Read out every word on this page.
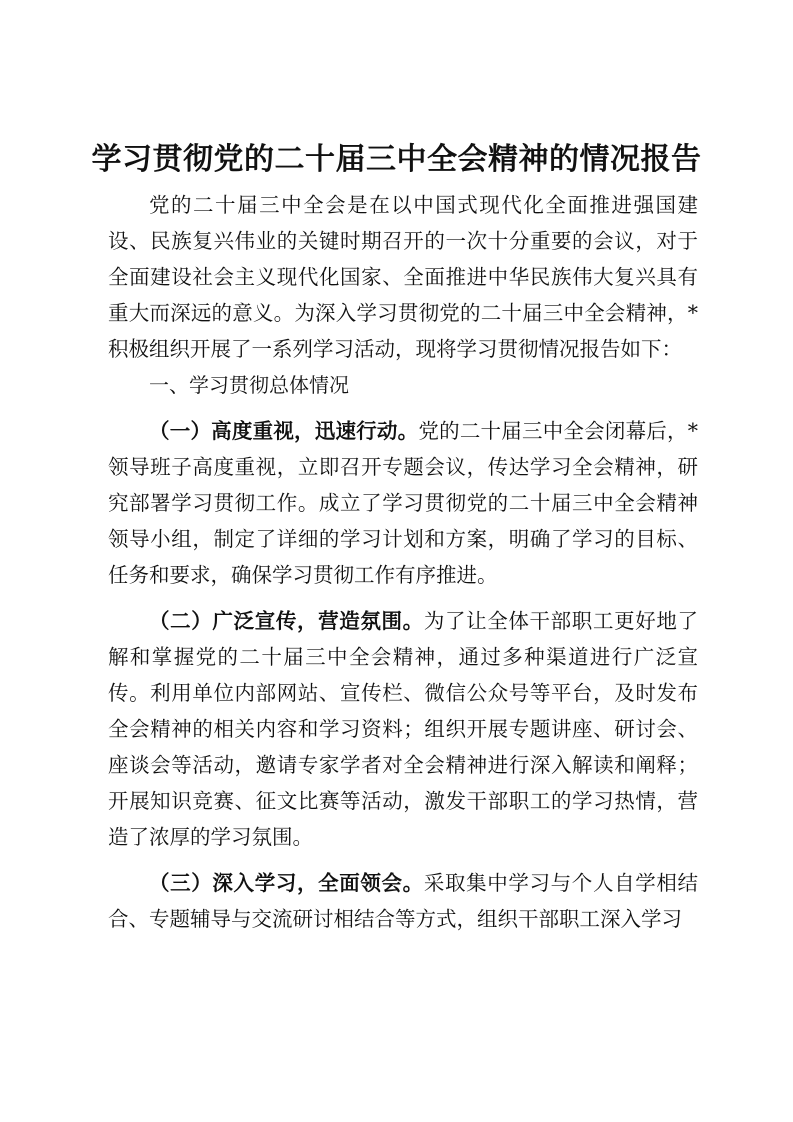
学习贯彻党的二十届三中全会精神的情况报告

党的二十届三中全会是在以中国式现代化全面推进强国建设、民族复兴伟业的关键时期召开的一次十分重要的会议，对于全面建设社会主义现代化国家、全面推进中华民族伟大复兴具有重大而深远的意义。为深入学习贯彻党的二十届三中全会精神，*积极组织开展了一系列学习活动，现将学习贯彻情况报告如下：

一、学习贯彻总体情况

（一）高度重视，迅速行动。党的二十届三中全会闭幕后，*领导班子高度重视，立即召开专题会议，传达学习全会精神，研究部署学习贯彻工作。成立了学习贯彻党的二十届三中全会精神领导小组，制定了详细的学习计划和方案，明确了学习的目标、任务和要求，确保学习贯彻工作有序推进。

（二）广泛宣传，营造氛围。为了让全体干部职工更好地了解和掌握党的二十届三中全会精神，通过多种渠道进行广泛宣传。利用单位内部网站、宣传栏、微信公众号等平台，及时发布全会精神的相关内容和学习资料；组织开展专题讲座、研讨会、座谈会等活动，邀请专家学者对全会精神进行深入解读和阐释；开展知识竞赛、征文比赛等活动，激发干部职工的学习热情，营造了浓厚的学习氛围。

（三）深入学习，全面领会。采取集中学习与个人自学相结合、专题辅导与交流研讨相结合等方式，组织干部职工深入学习
